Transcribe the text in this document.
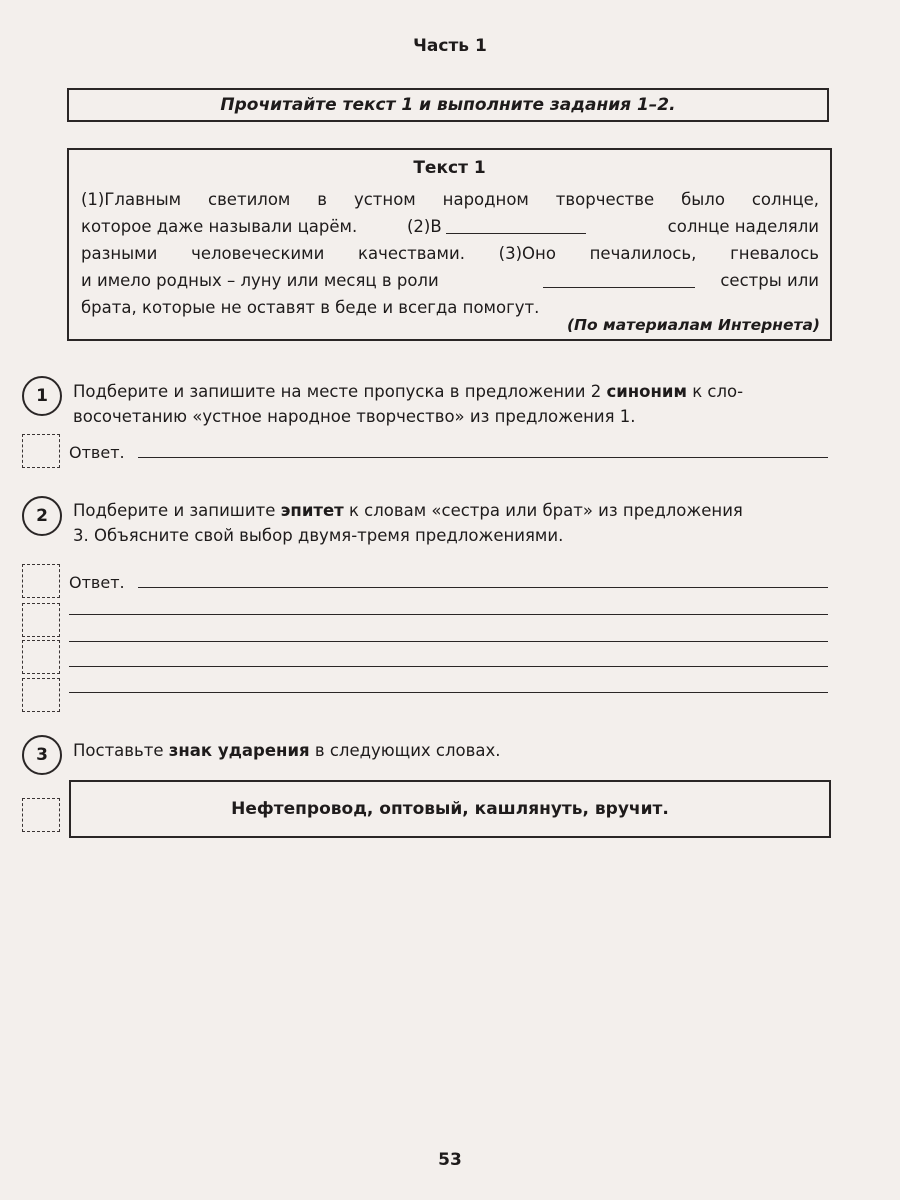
Часть 1
Прочитайте текст 1 и выполните задания 1–2.
Текст 1
(1)Главным светилом в устном народном творчестве было солнце,
которое даже называли царём.	(2)В	солнце наделяли
разными человеческими качествами. (3)Оно печалилось, гневалось
и имело родных – луну или месяц в роли	сестры или
брата, которые не оставят в беде и всегда помогут.
(По материалам Интернета)
1	Подберите и запишите на месте пропуска в предложении 2 синоним к сло-
восочетанию «устное народное творчество» из предложения 1.
Ответ.
2	Подберите и запишите эпитет к словам «сестра или брат» из предложения
3. Объясните свой выбор двумя-тремя предложениями.
Ответ.
3	Поставьте знак ударения в следующих словах.
Нефтепровод, оптовый, кашлянуть, вручит.
53
